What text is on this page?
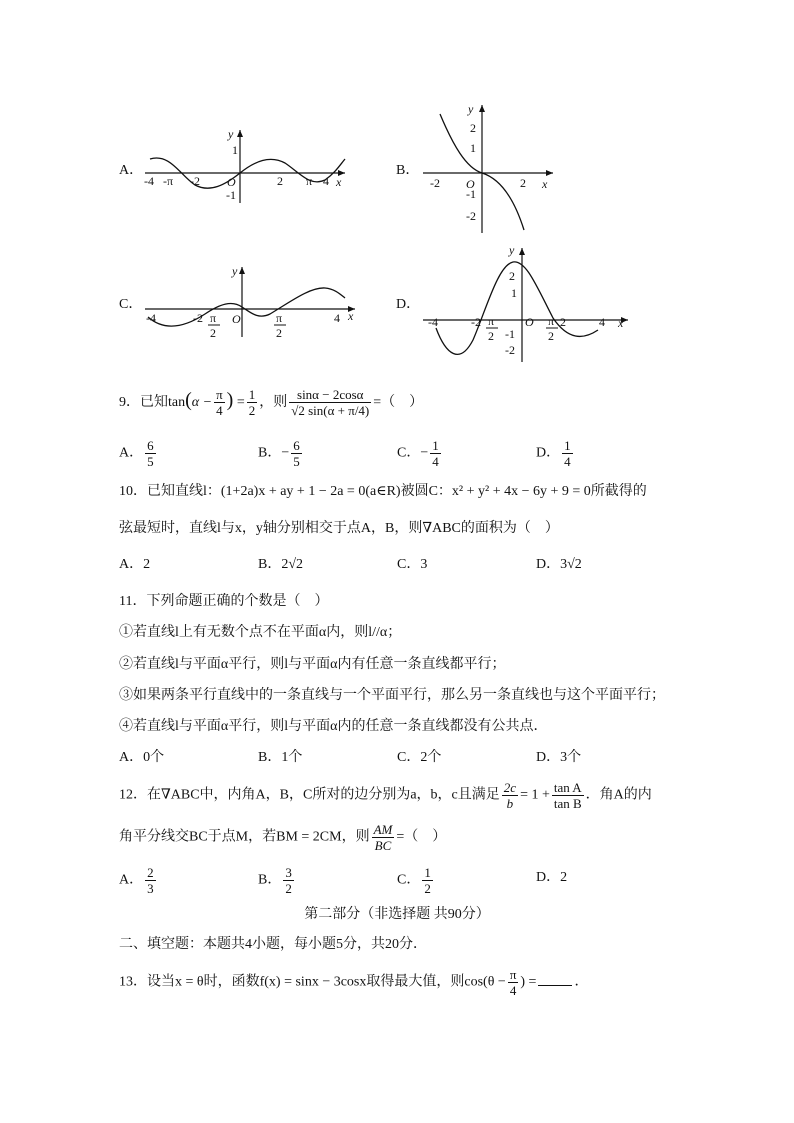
A．
-4 -π -2 O	2 π 4 x
y
1
-1
B．
-2 O	2 x
y
2
1
-1
-2
C．
-4	-2 π
2
O	π
2
4 x
y
D．
-4	-2 π
2
O π
2
2	4 x
y
2
1
-1
-2
9．已知$\tan(\alpha - \frac{\pi}{4}$ ) = $\frac{1}{2}$ ，则 $\frac{\sin\alpha - 2\cos\alpha}{√2 \sin(\alpha + \pi/4)}$ =（　）
A． $\frac{6}{5}$	B．− $\frac{6}{5}$	C．− $\frac{1}{4}$	D． $\frac{1}{4}$
10．已知直线l：(1+2a)x + ay + 1 − 2a = 0(a∈R)被圆C：x² + y² + 4x − 6y + 9 = 0所截得的
弦最短时，直线l与x，y轴分别相交于点A，B，则∇ABC的面积为（　）
A．2	B．2√2	C．3	D．3√2
11．下列命题正确的个数是（　）
①若直线l上有无数个点不在平面α内，则l//α；
②若直线l与平面α平行，则l与平面α内有任意一条直线都平行；
③如果两条平行直线中的一条直线与一个平面平行，那么另一条直线也与这个平面平行；
④若直线l与平面α平行，则l与平面α内的任意一条直线都没有公共点．
A．0个	B．1个	C．2个	D．3个
12．在∇ABC中，内角A，B，C所对的边分别为a，b，c且满足 $\frac{2c}{b} = 1 + \frac{\text{tan A}}{\text{tan B}}$ ．角A的内
角平分线交BC于点M，若BM = 2CM，则 $\frac{AM}{BC}$ =（　）
A． $\frac{2}{3}$	B． $\frac{3}{2}$	C． $\frac{1}{2}$	D．2
第二部分（非选择题 共90分）
二、填空题：本题共4小题，每小题5分，共20分．
13．设当x = θ时，函数f(x) = sinx − 3cosx取得最大值，则$\cos(\theta - \frac{\pi}{4}$ ) =	．
